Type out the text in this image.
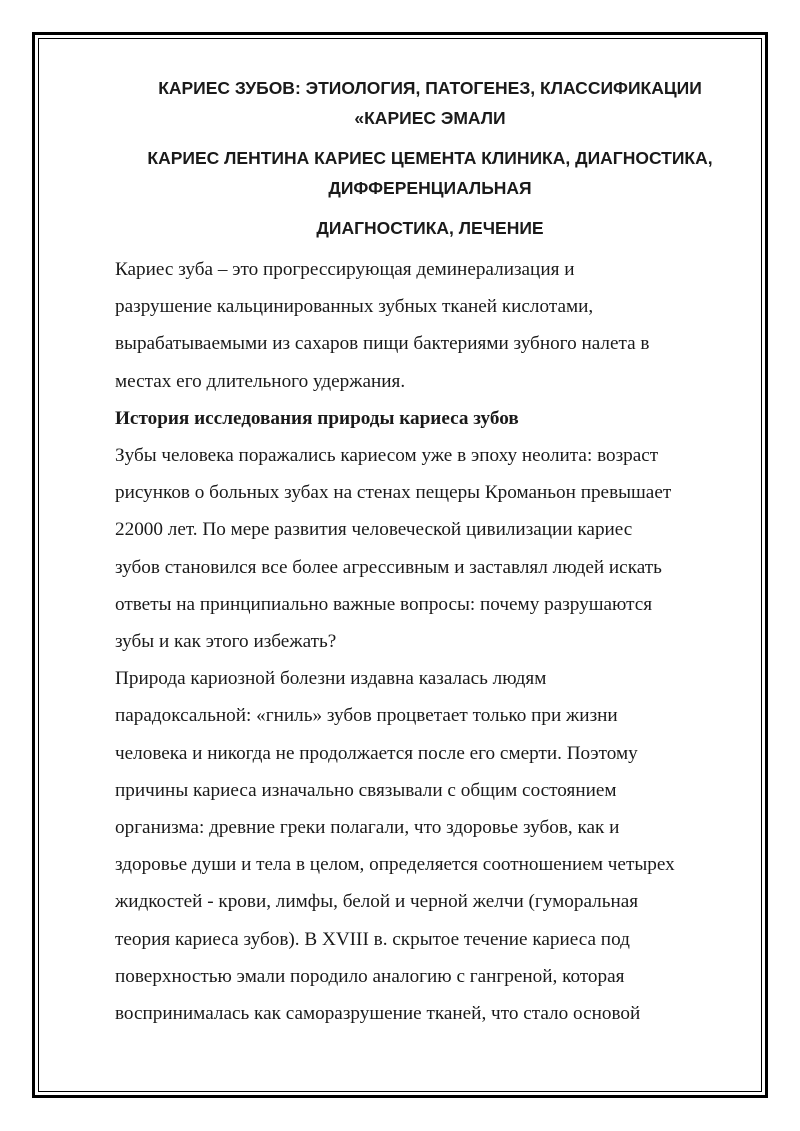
КАРИЕС ЗУБОВ: ЭТИОЛОГИЯ, ПАТОГЕНЕЗ, КЛАССИФИКАЦИИ
«КАРИЕС ЭМАЛИ

КАРИЕС ЛЕНТИНА КАРИЕС ЦЕМЕНТА КЛИНИКА, ДИАГНОСТИКА,
ДИФФЕРЕНЦИАЛЬНАЯ

ДИАГНОСТИКА, ЛЕЧЕНИЕ

Кариес зуба – это прогрессирующая деминерализация и
разрушение кальцинированных зубных тканей кислотами,
вырабатываемыми из сахаров пищи бактериями зубного налета в
местах его длительного удержания.

История исследования природы кариеса зубов

Зубы человека поражались кариесом уже в эпоху неолита: возраст
рисунков о больных зубах на стенах пещеры Кроманьон превышает
22000 лет. По мере развития человеческой цивилизации кариес
зубов становился все более агрессивным и заставлял людей искать
ответы на принципиально важные вопросы: почему разрушаются
зубы и как этого избежать?

Природа кариозной болезни издавна казалась людям
парадоксальной: «гниль» зубов процветает только при жизни
человека и никогда не продолжается после его смерти. Поэтому
причины кариеса изначально связывали с общим состоянием
организма: древние греки полагали, что здоровье зубов, как и
здоровье души и тела в целом, определяется соотношением четырех
жидкостей - крови, лимфы, белой и черной желчи (гуморальная
теория кариеса зубов). В XVIII в. скрытое течение кариеса под
поверхностью эмали породило аналогию с гангреной, которая
воспринималась как саморазрушение тканей, что стало основой
